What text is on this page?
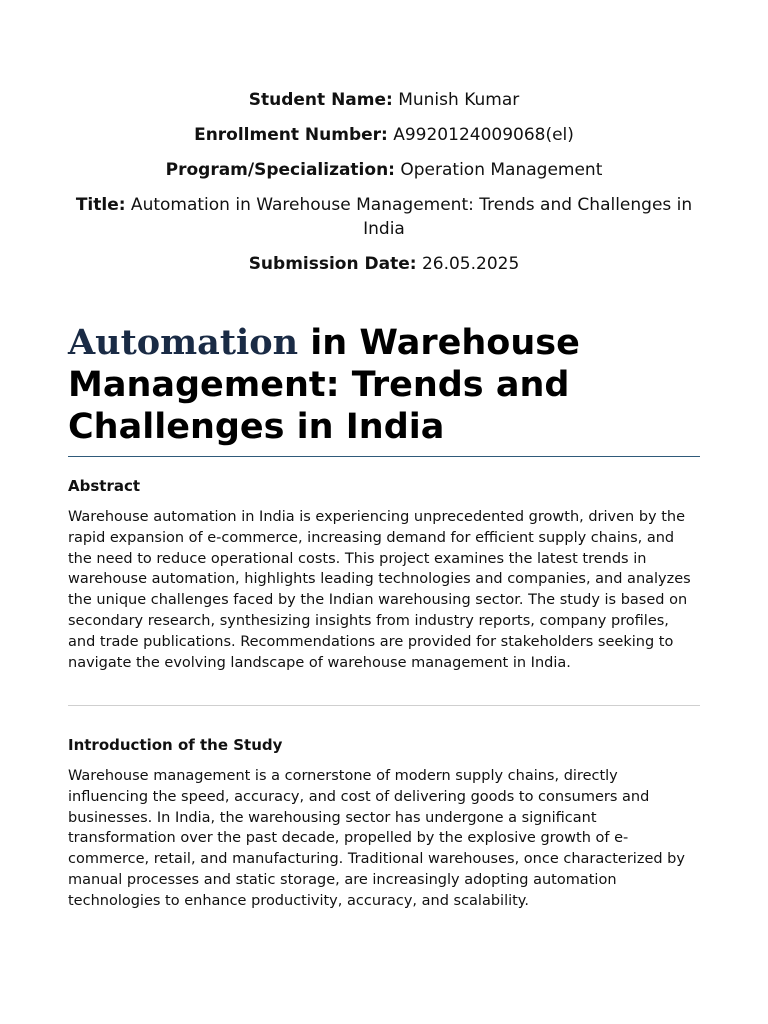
Student Name: Munish Kumar

Enrollment Number: A9920124009068(el)

Program/Specialization: Operation Management

Title: Automation in Warehouse Management: Trends and Challenges in India

Submission Date: 26.05.2025

Automation in Warehouse Management: Trends and Challenges in India
Abstract

Warehouse automation in India is experiencing unprecedented growth, driven by the rapid expansion of e-commerce, increasing demand for efficient supply chains, and the need to reduce operational costs. This project examines the latest trends in warehouse automation, highlights leading technologies and companies, and analyzes the unique challenges faced by the Indian warehousing sector. The study is based on secondary research, synthesizing insights from industry reports, company profiles, and trade publications. Recommendations are provided for stakeholders seeking to navigate the evolving landscape of warehouse management in India.

Introduction of the Study

Warehouse management is a cornerstone of modern supply chains, directly influencing the speed, accuracy, and cost of delivering goods to consumers and businesses. In India, the warehousing sector has undergone a significant transformation over the past decade, propelled by the explosive growth of e-commerce, retail, and manufacturing. Traditional warehouses, once characterized by manual processes and static storage, are increasingly adopting automation technologies to enhance productivity, accuracy, and scalability.
